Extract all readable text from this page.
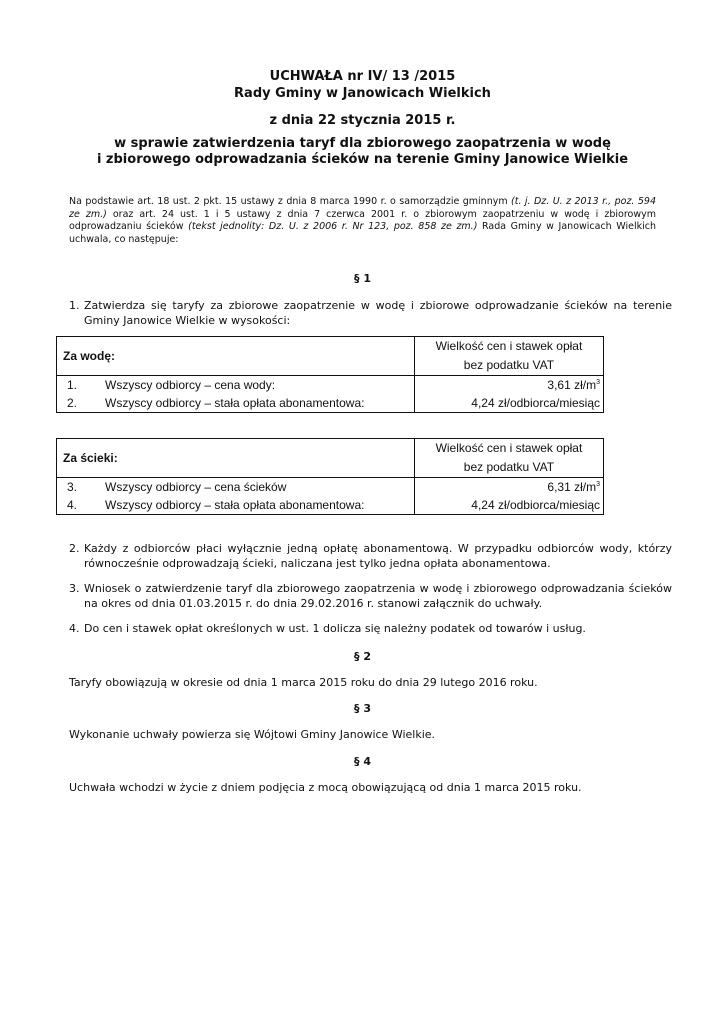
UCHWAŁA nr IV/ 13 /2015
Rady Gminy w Janowicach Wielkich
z dnia 22 stycznia 2015 r.
w sprawie zatwierdzenia taryf dla zbiorowego zaopatrzenia w wodę
i zbiorowego odprowadzania ścieków na terenie Gminy Janowice Wielkie
Na podstawie art. 18 ust. 2 pkt. 15 ustawy z dnia 8 marca 1990 r. o samorządzie gminnym (t. j. Dz. U. z 2013 r., poz. 594 ze zm.) oraz art. 24 ust. 1 i 5 ustawy z dnia 7 czerwca 2001 r. o zbiorowym zaopatrzeniu w wodę i zbiorowym odprowadzaniu ścieków (tekst jednolity: Dz. U. z 2006 r. Nr 123, poz. 858 ze zm.) Rada Gminy w Janowicach Wielkich uchwala, co następuje:
§ 1
1. Zatwierdza się taryfy za zbiorowe zaopatrzenie w wodę i zbiorowe odprowadzanie ścieków na terenie Gminy Janowice Wielkie w wysokości:
Za wodę:	Wielkość cen i stawek opłat
bez podatku VAT

1. Wszyscy odbiorcy – cena wody:	3,61 $zł/m^3$
2. Wszyscy odbiorcy – stała opłata abonamentowa:	4,24 zł/odbiorca/miesiąc
Za ścieki:	Wielkość cen i stawek opłat
bez podatku VAT

3. Wszyscy odbiorcy – cena ścieków	6,31 $zł/m^3$
4. Wszyscy odbiorcy – stała opłata abonamentowa:	4,24 zł/odbiorca/miesiąc
2. Każdy z odbiorców płaci wyłącznie jedną opłatę abonamentową. W przypadku odbiorców wody, którzy równocześnie odprowadzają ścieki, naliczana jest tylko jedna opłata abonamentowa.
3. Wniosek o zatwierdzenie taryf dla zbiorowego zaopatrzenia w wodę i zbiorowego odprowadzania ścieków na okres od dnia 01.03.2015 r. do dnia 29.02.2016 r. stanowi załącznik do uchwały.
4. Do cen i stawek opłat określonych w ust. 1 dolicza się należny podatek od towarów i usług.
§ 2
Taryfy obowiązują w okresie od dnia 1 marca 2015 roku do dnia 29 lutego 2016 roku.
§ 3
Wykonanie uchwały powierza się Wójtowi Gminy Janowice Wielkie.
§ 4
Uchwała wchodzi w życie z dniem podjęcia z mocą obowiązującą od dnia 1 marca 2015 roku.
